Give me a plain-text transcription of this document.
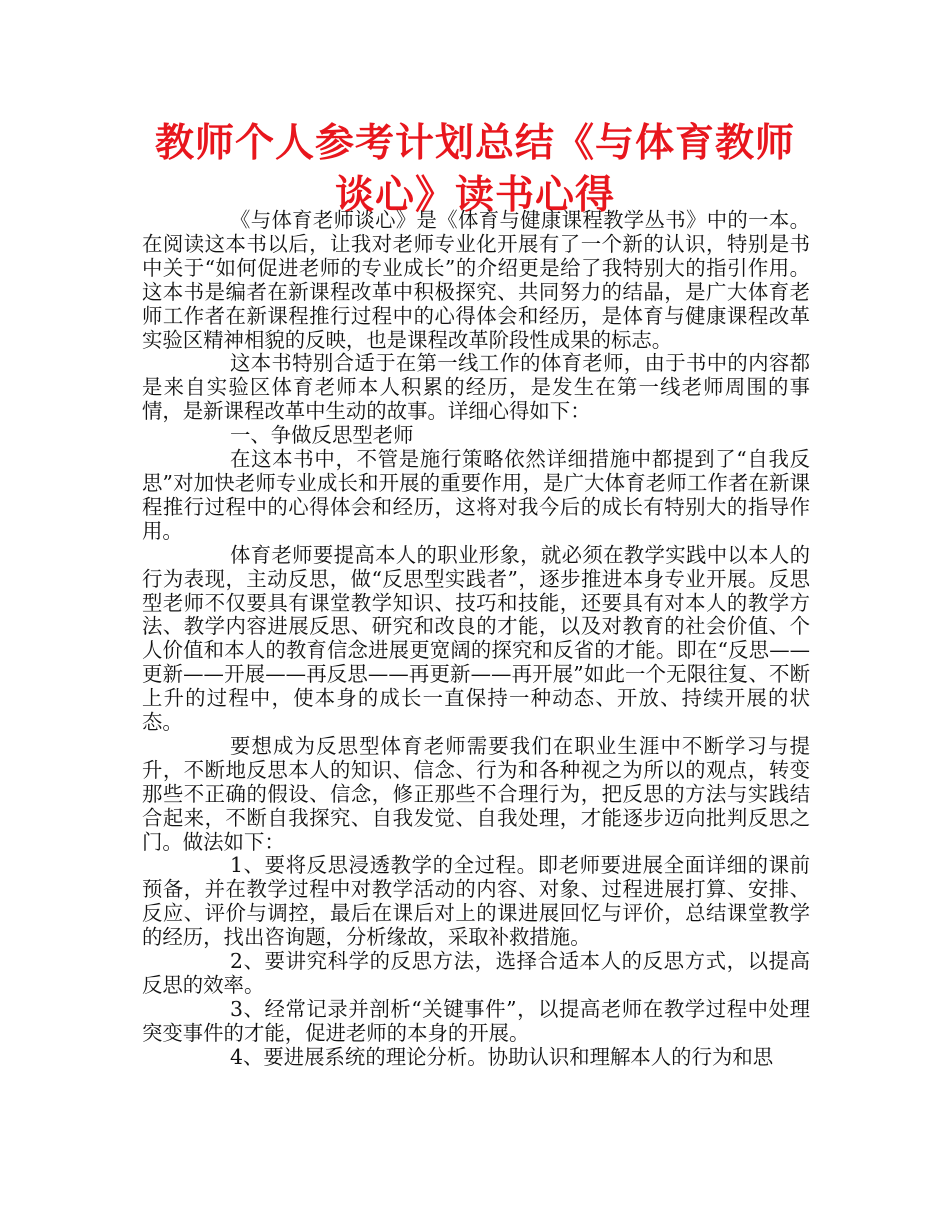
教师个人参考计划总结《与体育教师谈心》读书心得

《与体育老师谈心》是《体育与健康课程教学丛书》中的一本。在阅读这本书以后，让我对老师专业化开展有了一个新的认识，特别是书中关于“如何促进老师的专业成长”的介绍更是给了我特别大的指引作用。这本书是编者在新课程改革中积极探究、共同努力的结晶，是广大体育老师工作者在新课程推行过程中的心得体会和经历，是体育与健康课程改革实验区精神相貌的反映，也是课程改革阶段性成果的标志。

这本书特别合适于在第一线工作的体育老师，由于书中的内容都是来自实验区体育老师本人积累的经历，是发生在第一线老师周围的事情，是新课程改革中生动的故事。详细心得如下：

一、争做反思型老师

在这本书中，不管是施行策略依然详细措施中都提到了“自我反思”对加快老师专业成长和开展的重要作用，是广大体育老师工作者在新课程推行过程中的心得体会和经历，这将对我今后的成长有特别大的指导作用。

体育老师要提高本人的职业形象，就必须在教学实践中以本人的行为表现，主动反思，做“反思型实践者”，逐步推进本身专业开展。反思型老师不仅要具有课堂教学知识、技巧和技能，还要具有对本人的教学方法、教学内容进展反思、研究和改良的才能，以及对教育的社会价值、个人价值和本人的教育信念进展更宽阔的探究和反省的才能。即在“反思——更新——开展——再反思——再更新——再开展”如此一个无限往复、不断上升的过程中，使本身的成长一直保持一种动态、开放、持续开展的状态。

要想成为反思型体育老师需要我们在职业生涯中不断学习与提升，不断地反思本人的知识、信念、行为和各种视之为所以的观点，转变那些不正确的假设、信念，修正那些不合理行为，把反思的方法与实践结合起来，不断自我探究、自我发觉、自我处理，才能逐步迈向批判反思之门。做法如下：

1、要将反思浸透教学的全过程。即老师要进展全面详细的课前预备，并在教学过程中对教学活动的内容、对象、过程进展打算、安排、反应、评价与调控，最后在课后对上的课进展回忆与评价，总结课堂教学的经历，找出咨询题，分析缘故，采取补救措施。

2、要讲究科学的反思方法，选择合适本人的反思方式，以提高反思的效率。

3、经常记录并剖析“关键事件”，以提高老师在教学过程中处理突变事件的才能，促进老师的本身的开展。

4、要进展系统的理论分析。协助认识和理解本人的行为和思
